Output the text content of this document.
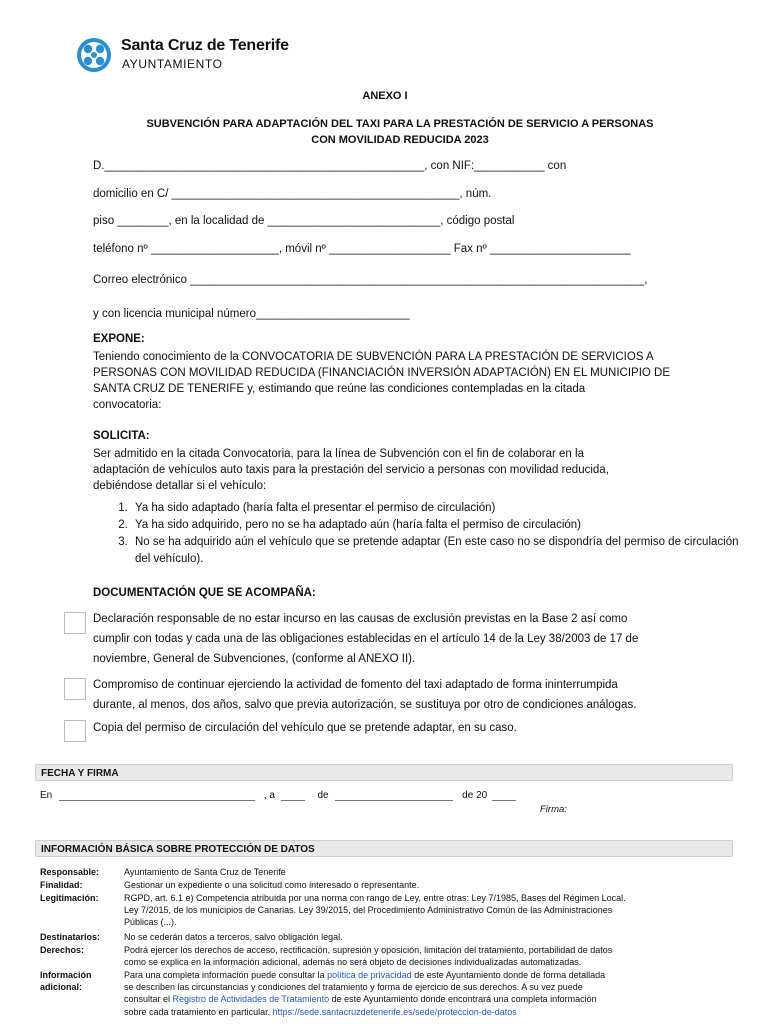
Santa Cruz de Tenerife
AYUNTAMIENTO
ANEXO I
SUBVENCIÓN PARA ADAPTACIÓN DEL TAXI PARA LA PRESTACIÓN DE SERVICIO A PERSONAS
CON MOVILIDAD REDUCIDA 2023
D.__________________________________________________, con NIF:___________ con
domicilio en C/ _____________________________________________, núm.
piso ________, en la localidad de ___________________________, código postal
teléfono nº ____________________, móvil nº ___________________ Fax nº ______________________
Correo electrónico _______________________________________________________________________,
y con licencia municipal número________________________
EXPONE:
Teniendo conocimiento de la CONVOCATORIA DE SUBVENCIÓN PARA LA PRESTACIÓN DE SERVICIOS A
PERSONAS CON MOVILIDAD REDUCIDA (FINANCIACIÓN INVERSIÓN ADAPTACIÓN) EN EL MUNICIPIO DE
SANTA CRUZ DE TENERIFE y, estimando que reúne las condiciones contempladas en la citada
convocatoria:
SOLICITA:
Ser admitido en la citada Convocatoria, para la línea de Subvención con el fin de colaborar en la
adaptación de vehículos auto taxis para la prestación del servicio a personas con movilidad reducida,
debiéndose detallar si el vehículo:
1. Ya ha sido adaptado (haría falta el presentar el permiso de circulación)
2. Ya ha sido adquirido, pero no se ha adaptado aún (haría falta el permiso de circulación)
3. No se ha adquirido aún el vehículo que se pretende adaptar (En este caso no se dispondría del permiso de circulación del vehículo).
DOCUMENTACIÓN QUE SE ACOMPAÑA:
Declaración responsable de no estar incurso en las causas de exclusión previstas en la Base 2 así como
cumplir con todas y cada una de las obligaciones establecidas en el artículo 14 de la Ley 38/2003 de 17 de
noviembre, General de Subvenciones, (conforme al ANEXO II).
Compromiso de continuar ejerciendo la actividad de fomento del taxi adaptado de forma ininterrumpida
durante, al menos, dos años, salvo que previa autorización, se sustituya por otro de condiciones análogas.
Copia del permiso de circulación del vehículo que se pretende adaptar, en su caso.
FECHA Y FIRMA
En	, a	de	de 20
Firma:
INFORMACIÓN BÁSICA SOBRE PROTECCIÓN DE DATOS
Responsable:	Ayuntamiento de Santa Cruz de Tenerife
Finalidad:	Gestionar un expediente o una solicitud como interesado o representante.
Legitimación:	RGPD, art. 6.1 e) Competencia atribuida por una norma con rango de Ley, entre otras: Ley 7/1985, Bases del Régimen Local.
Ley 7/2015, de los municipios de Canarias. Ley 39/2015, del Procedimiento Administrativo Común de las Administraciones
Públicas (...).
Destinatarios:	No se cederán datos a terceros, salvo obligación legal.
Derechos:	Podrá ejercer los derechos de acceso, rectificación, supresión y oposición, limitación del tratamiento, portabilidad de datos
como se explica en la información adicional, además no será objeto de decisiones individualizadas automatizadas.
Información
adicional:
Para una completa información puede consultar la política de privacidad de este Ayuntamiento donde de forma detallada
se describen las circunstancias y condiciones del tratamiento y forma de ejercicio de sus derechos. A su vez puede
consultar el Registro de Actividades de Tratamiento de este Ayuntamiento donde encontrará una completa información
sobre cada tratamiento en particular. https://sede.santacruzdetenerife.es/sede/proteccion-de-datos
